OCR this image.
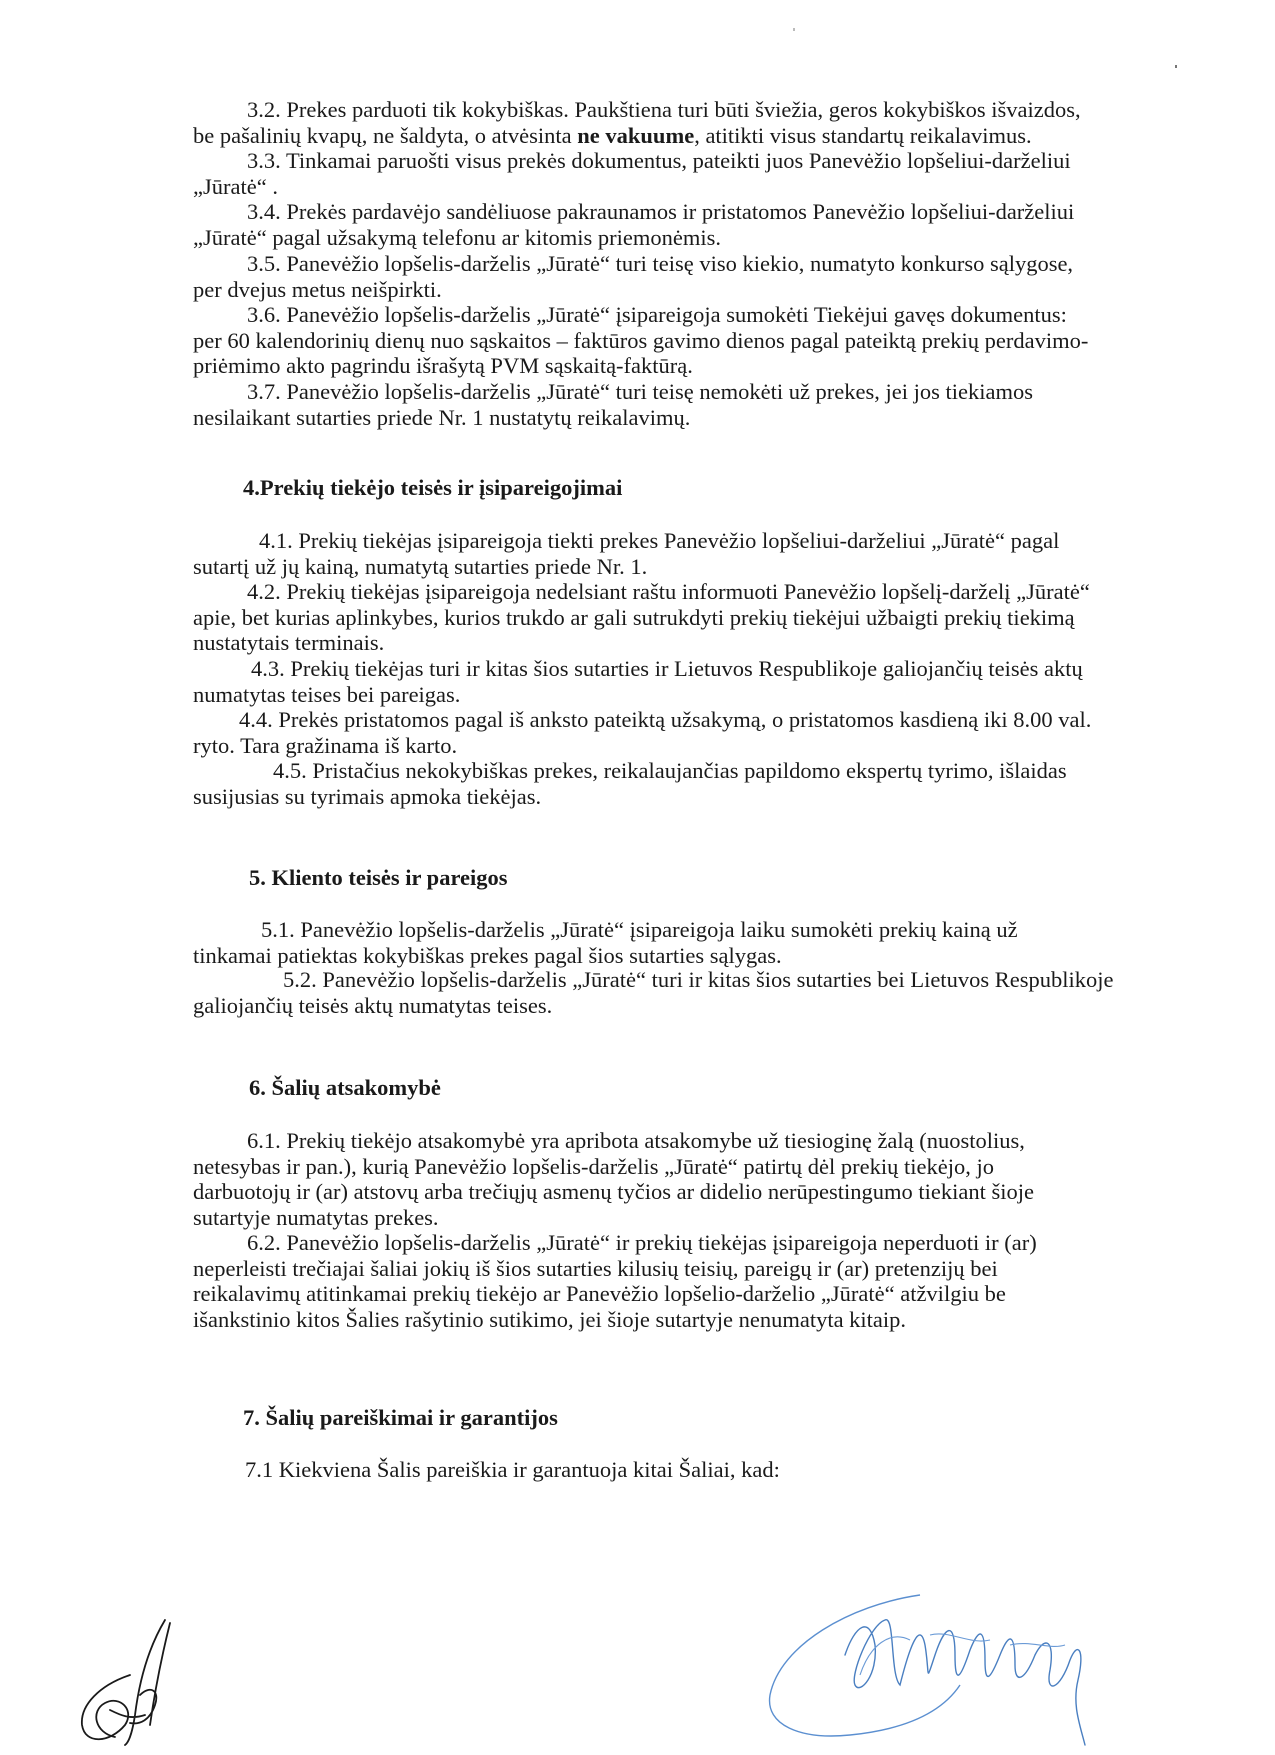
3.2. Prekes parduoti tik kokybiškas. Paukštiena turi būti šviežia, geros kokybiškos išvaizdos,
be pašalinių kvapų, ne šaldyta, o atvėsinta ne vakuume, atitikti visus standartų reikalavimus.
3.3. Tinkamai paruošti visus prekės dokumentus, pateikti juos Panevėžio lopšeliui-darželiui
„Jūratė“ .
3.4. Prekės pardavėjo sandėliuose pakraunamos ir pristatomos Panevėžio lopšeliui-darželiui
„Jūratė“ pagal užsakymą telefonu ar kitomis priemonėmis.
3.5. Panevėžio lopšelis-darželis „Jūratė“ turi teisę viso kiekio, numatyto konkurso sąlygose,
per dvejus metus neišpirkti.
3.6. Panevėžio lopšelis-darželis „Jūratė“ įsipareigoja sumokėti Tiekėjui gavęs dokumentus:
per 60 kalendorinių dienų nuo sąskaitos – faktūros gavimo dienos pagal pateiktą prekių perdavimo-
priėmimo akto pagrindu išrašytą PVM sąskaitą-faktūrą.
3.7. Panevėžio lopšelis-darželis „Jūratė“ turi teisę nemokėti už prekes, jei jos tiekiamos
nesilaikant sutarties priede Nr. 1 nustatytų reikalavimų.
4.Prekių tiekėjo teisės ir įsipareigojimai
4.1. Prekių tiekėjas įsipareigoja tiekti prekes Panevėžio lopšeliui-darželiui „Jūratė“ pagal
sutartį už jų kainą, numatytą sutarties priede Nr. 1.
4.2. Prekių tiekėjas įsipareigoja nedelsiant raštu informuoti Panevėžio lopšelį-darželį „Jūratė“
apie, bet kurias aplinkybes, kurios trukdo ar gali sutrukdyti prekių tiekėjui užbaigti prekių tiekimą
nustatytais terminais.
4.3. Prekių tiekėjas turi ir kitas šios sutarties ir Lietuvos Respublikoje galiojančių teisės aktų
numatytas teises bei pareigas.
4.4. Prekės pristatomos pagal iš anksto pateiktą užsakymą, o pristatomos kasdieną iki 8.00 val.
ryto. Tara gražinama iš karto.
4.5. Pristačius nekokybiškas prekes, reikalaujančias papildomo ekspertų tyrimo, išlaidas
susijusias su tyrimais apmoka tiekėjas.
5. Kliento teisės ir pareigos
5.1. Panevėžio lopšelis-darželis „Jūratė“ įsipareigoja laiku sumokėti prekių kainą už
tinkamai patiektas kokybiškas prekes pagal šios sutarties sąlygas.
5.2. Panevėžio lopšelis-darželis „Jūratė“ turi ir kitas šios sutarties bei Lietuvos Respublikoje
galiojančių teisės aktų numatytas teises.
6. Šalių atsakomybė
6.1. Prekių tiekėjo atsakomybė yra apribota atsakomybe už tiesioginę žalą (nuostolius,
netesybas ir pan.), kurią Panevėžio lopšelis-darželis „Jūratė“ patirtų dėl prekių tiekėjo, jo
darbuotojų ir (ar) atstovų arba trečiųjų asmenų tyčios ar didelio nerūpestingumo tiekiant šioje
sutartyje numatytas prekes.
6.2. Panevėžio lopšelis-darželis „Jūratė“ ir prekių tiekėjas įsipareigoja neperduoti ir (ar)
neperleisti trečiajai šaliai jokių iš šios sutarties kilusių teisių, pareigų ir (ar) pretenzijų bei
reikalavimų atitinkamai prekių tiekėjo ar Panevėžio lopšelio-darželio „Jūratė“ atžvilgiu be
išankstinio kitos Šalies rašytinio sutikimo, jei šioje sutartyje nenumatyta kitaip.
7. Šalių pareiškimai ir garantijos
7.1 Kiekviena Šalis pareiškia ir garantuoja kitai Šaliai, kad:
